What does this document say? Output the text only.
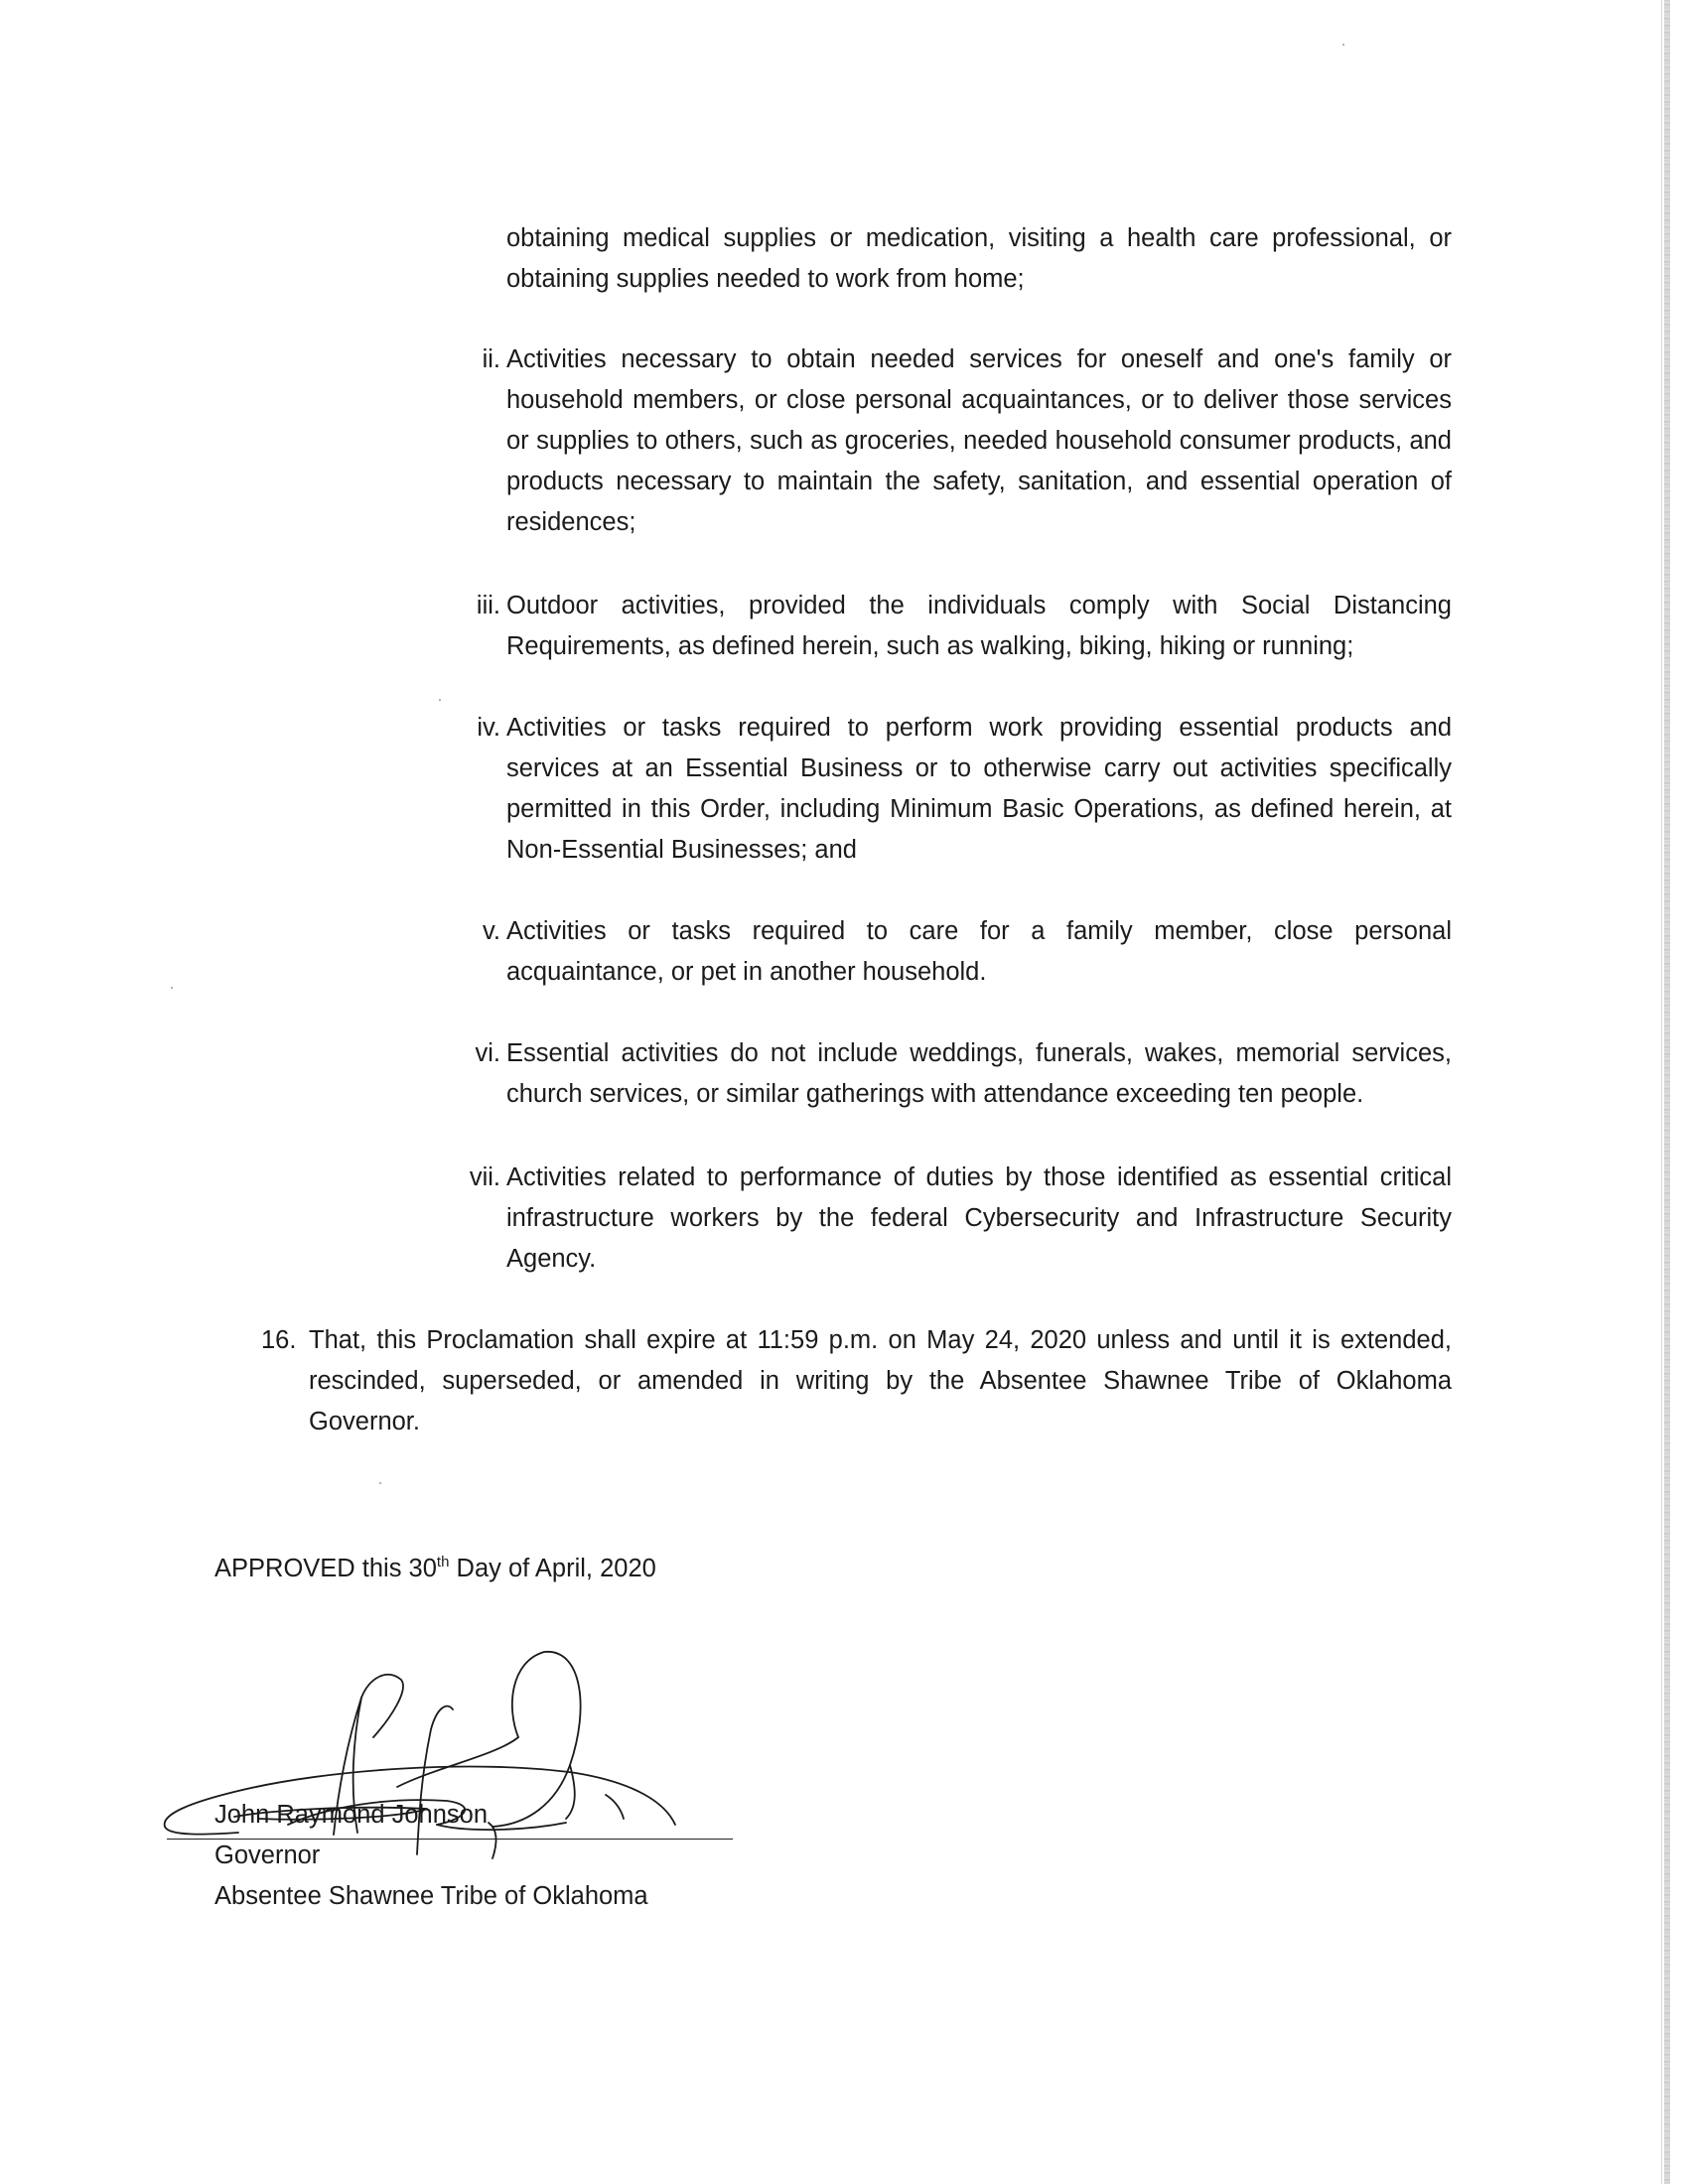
obtaining medical supplies or medication, visiting a health care professional, or obtaining supplies needed to work from home;
ii. Activities necessary to obtain needed services for oneself and one's family or household members, or close personal acquaintances, or to deliver those services or supplies to others, such as groceries, needed household consumer products, and products necessary to maintain the safety, sanitation, and essential operation of residences;
iii. Outdoor activities, provided the individuals comply with Social Distancing Requirements, as defined herein, such as walking, biking, hiking or running;
iv. Activities or tasks required to perform work providing essential products and services at an Essential Business or to otherwise carry out activities specifically permitted in this Order, including Minimum Basic Operations, as defined herein, at Non-Essential Businesses; and
v. Activities or tasks required to care for a family member, close personal acquaintance, or pet in another household.
vi. Essential activities do not include weddings, funerals, wakes, memorial services, church services, or similar gatherings with attendance exceeding ten people.
vii. Activities related to performance of duties by those identified as essential critical infrastructure workers by the federal Cybersecurity and Infrastructure Security Agency.
16. That, this Proclamation shall expire at 11:59 p.m. on May 24, 2020 unless and until it is extended, rescinded, superseded, or amended in writing by the Absentee Shawnee Tribe of Oklahoma Governor.
APPROVED this 30th Day of April, 2020
John Raymond Johnson
Governor
Absentee Shawnee Tribe of Oklahoma
